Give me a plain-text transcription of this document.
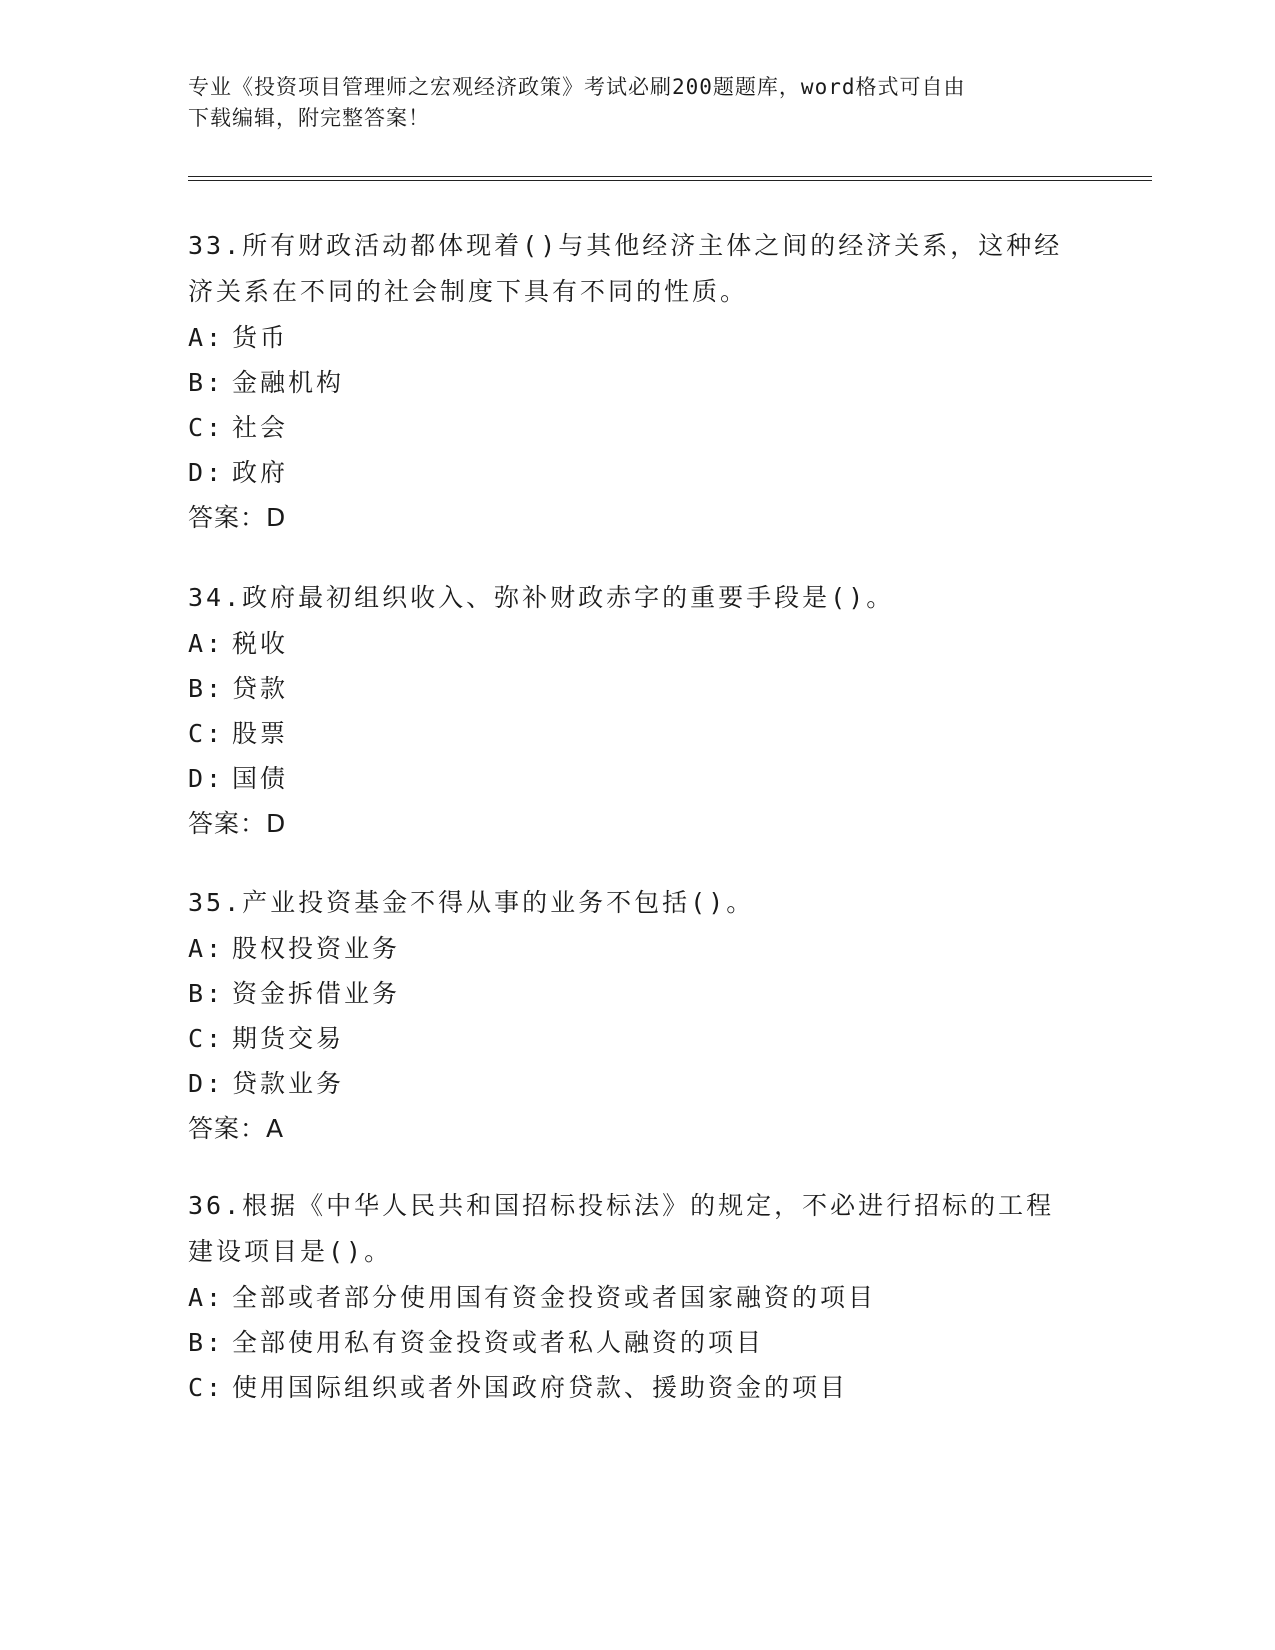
专业《投资项目管理师之宏观经济政策》考试必刷200题题库，word格式可自由
下载编辑，附完整答案！
33.所有财政活动都体现着()与其他经济主体之间的经济关系，这种经
济关系在不同的社会制度下具有不同的性质。
A: 货币
B: 金融机构
C: 社会
D: 政府
答案：D
34.政府最初组织收入、弥补财政赤字的重要手段是()。
A: 税收
B: 贷款
C: 股票
D: 国债
答案：D
35.产业投资基金不得从事的业务不包括()。
A: 股权投资业务
B: 资金拆借业务
C: 期货交易
D: 贷款业务
答案：A
36.根据《中华人民共和国招标投标法》的规定，不必进行招标的工程
建设项目是()。
A: 全部或者部分使用国有资金投资或者国家融资的项目
B: 全部使用私有资金投资或者私人融资的项目
C: 使用国际组织或者外国政府贷款、援助资金的项目
